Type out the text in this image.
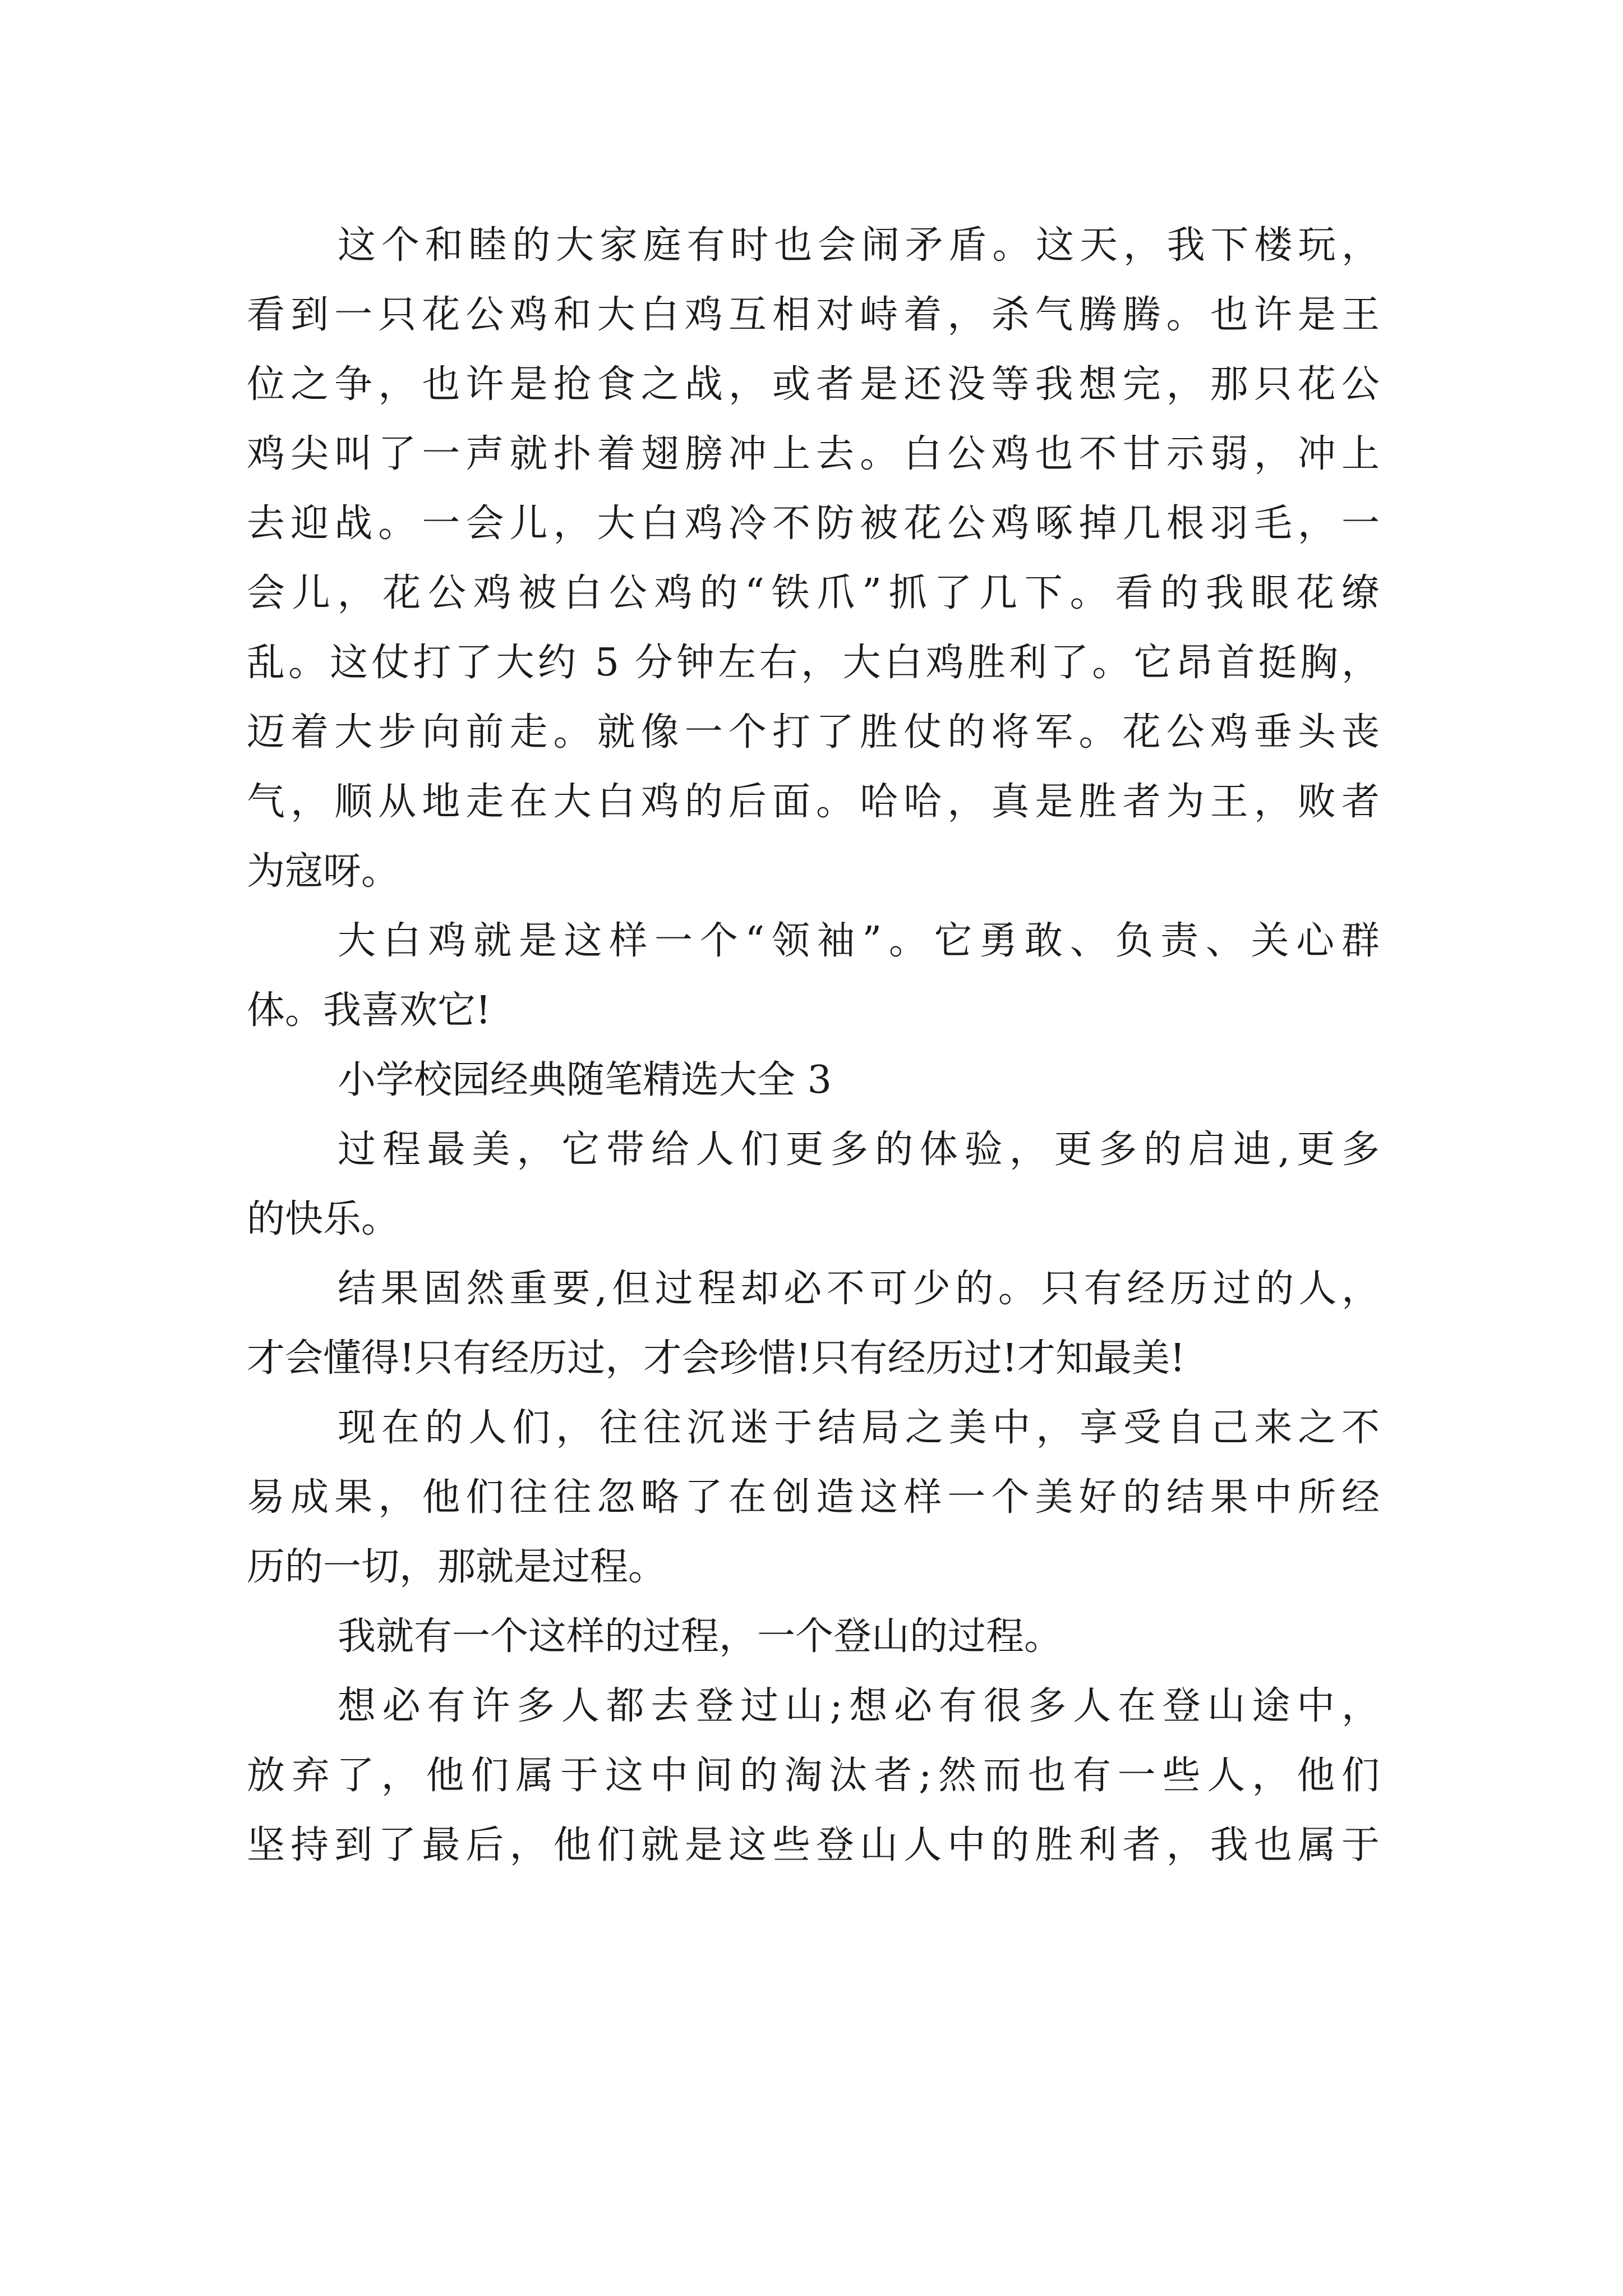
这个和睦的大家庭有时也会闹矛盾。这天，我下楼玩，
看到一只花公鸡和大白鸡互相对峙着，杀气腾腾。也许是王
位之争，也许是抢食之战，或者是还没等我想完，那只花公
鸡尖叫了一声就扑着翅膀冲上去。白公鸡也不甘示弱，冲上
去迎战。一会儿，大白鸡冷不防被花公鸡啄掉几根羽毛，一
会儿，花公鸡被白公鸡的“铁爪”抓了几下。看的我眼花缭
乱。这仗打了大约 5 分钟左右，大白鸡胜利了。它昂首挺胸，
迈着大步向前走。就像一个打了胜仗的将军。花公鸡垂头丧
气，顺从地走在大白鸡的后面。哈哈，真是胜者为王，败者
为寇呀。
大白鸡就是这样一个“领袖”。它勇敢、负责、关心群
体。我喜欢它!
小学校园经典随笔精选大全 3
过程最美，它带给人们更多的体验，更多的启迪,更多
的快乐。
结果固然重要,但过程却必不可少的。只有经历过的人，
才会懂得!只有经历过，才会珍惜!只有经历过!才知最美!
现在的人们，往往沉迷于结局之美中，享受自己来之不
易成果，他们往往忽略了在创造这样一个美好的结果中所经
历的一切，那就是过程。
我就有一个这样的过程，一个登山的过程。
想必有许多人都去登过山;想必有很多人在登山途中，
放弃了，他们属于这中间的淘汰者;然而也有一些人，他们
坚持到了最后，他们就是这些登山人中的胜利者，我也属于
